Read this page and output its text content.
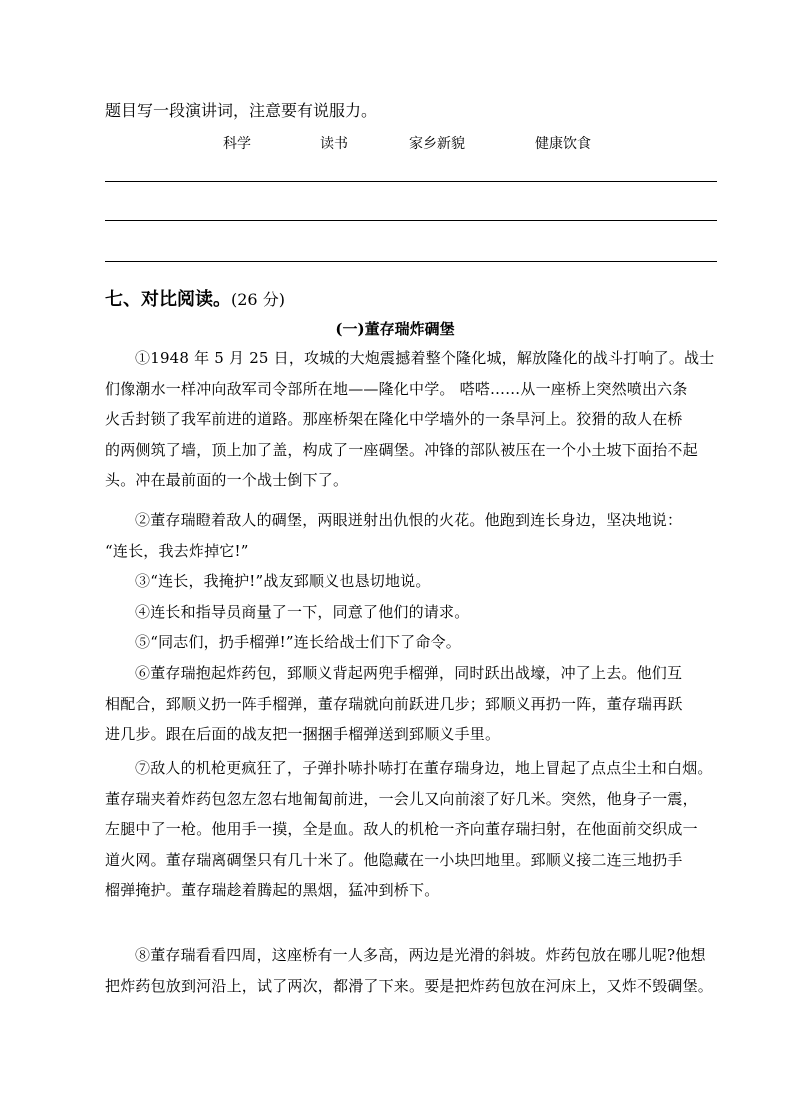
题目写一段演讲词，注意要有说服力。
科学	读书	家乡新貌	健康饮食
七、对比阅读。(26 分)
(一)董存瑞炸碉堡
①1948 年 5 月 25 日，攻城的大炮震撼着整个隆化城，解放隆化的战斗打响了。战士
们像潮水一样冲向敌军司令部所在地——隆化中学。 嗒嗒……从一座桥上突然喷出六条
火舌封锁了我军前进的道路。那座桥架在隆化中学墙外的一条旱河上。狡猾的敌人在桥
的两侧筑了墙，顶上加了盖，构成了一座碉堡。冲锋的部队被压在一个小土坡下面抬不起
头。冲在最前面的一个战士倒下了。
②董存瑞瞪着敌人的碉堡，两眼迸射出仇恨的火花。他跑到连长身边，坚决地说：
“连长，我去炸掉它!”
③“连长，我掩护!”战友郅顺义也恳切地说。
④连长和指导员商量了一下，同意了他们的请求。
⑤“同志们，扔手榴弹!”连长给战士们下了命令。
⑥董存瑞抱起炸药包，郅顺义背起两兜手榴弹，同时跃出战壕，冲了上去。他们互
相配合，郅顺义扔一阵手榴弹，董存瑞就向前跃进几步；郅顺义再扔一阵，董存瑞再跃
进几步。跟在后面的战友把一捆捆手榴弹送到郅顺义手里。
⑦敌人的机枪更疯狂了，子弹扑哧扑哧打在董存瑞身边，地上冒起了点点尘土和白烟。
董存瑞夹着炸药包忽左忽右地匍匐前进，一会儿又向前滚了好几米。突然，他身子一震，
左腿中了一枪。他用手一摸，全是血。敌人的机枪一齐向董存瑞扫射，在他面前交织成一
道火网。董存瑞离碉堡只有几十米了。他隐藏在一小块凹地里。郅顺义接二连三地扔手
榴弹掩护。董存瑞趁着腾起的黑烟，猛冲到桥下。
⑧董存瑞看看四周，这座桥有一人多高，两边是光滑的斜坡。炸药包放在哪儿呢?他想
把炸药包放到河沿上，试了两次，都滑了下来。要是把炸药包放在河床上，又炸不毁碉堡。
